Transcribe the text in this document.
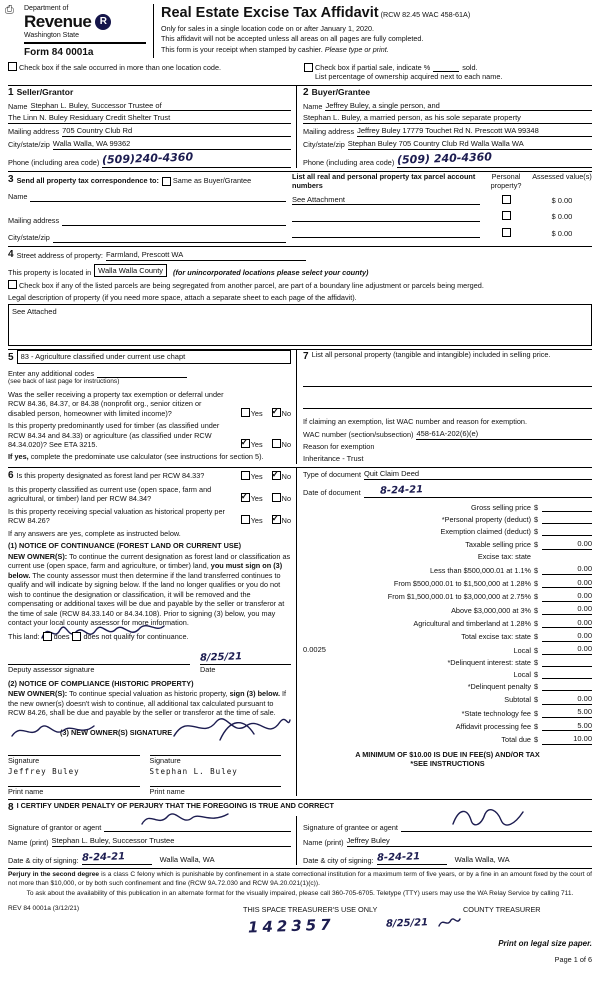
⎙ Department of
Revenue R
Washington State
Form 84 0001a
Real Estate Excise Tax Affidavit (RCW 82.45 WAC 458-61A)
Only for sales in a single location code on or after January 1, 2020.
This affidavit will not be accepted unless all areas on all pages are fully completed.
This form is your receipt when stamped by cashier. Please type or print.
Check box if the sale occurred in more than one location code.	Check box if partial sale, indicate %	sold.
List percentage of ownership acquired next to each name.
1 Seller/Grantor
Name Stephan L. Buley, Successor Trustee of
The Linn N. Buley Residuary Credit Shelter Trust
Mailing address 705 Country Club Rd
City/state/zip Walla Walla, WA 99362
Phone (including area code) (509)240-4360
2 Buyer/Grantee
Name Jeffrey Buley, a single person, and
Stephan L. Buley, a married person, as his sole separate property
Mailing address Jeffrey Buley 17779 Touchet Rd N. Prescott WA 99348
City/state/zip Stephan Buley 705 Country Club Rd Walla Walla WA
Phone (including area code) (509) 240-4360
3 Send all property tax correspondence to: Same as Buyer/Grantee
Name
Mailing address
City/state/zip
List all real and personal property tax parcel account numbers
Personal property?
Assessed value(s)
See Attachment	$ 0.00
$ 0.00
$ 0.00
4 Street address of property: Farmland, Prescott WA
This property is located in Walla Walla County	(for unincorporated locations please select your county)
Check box if any of the listed parcels are being segregated from another parcel, are part of a boundary line adjustment or parcels being merged.
Legal description of property (if you need more space, attach a separate sheet to each page of the affidavit).
See Attached
5 83 - Agriculture classified under current use chapt
Enter any additional codes
(see back of last page for instructions)
Was the seller receiving a property tax exemption or deferral under RCW 84.36, 84.37, or 84.38 (nonprofit org., senior citizen or disabled person, homeowner with limited income)?	Yes ✓	No
Is this property predominantly used for timber (as classified under RCW 84.34 and 84.33) or agriculture (as classified under RCW 84.34.020)? See ETA 3215. ✓	Yes	No
If yes, complete the predominate use calculator (see instructions for section 5).
7 List all personal property (tangible and intangible) included in selling price.
If claiming an exemption, list WAC number and reason for exemption.
WAC number (section/subsection) 458-61A-202(6)(e)
Reason for exemption
Inheritance - Trust
6 Is this property designated as forest land per RCW 84.33?	Yes ✓	No
Is this property classified as current use (open space, farm and agricultural, or timber) land per RCW 84.34? ✓	Yes	No
Is this property receiving special valuation as historical property per RCW 84.26?	Yes ✓	No
If any answers are yes, complete as instructed below.
(1) NOTICE OF CONTINUANCE (FOREST LAND OR CURRENT USE)
NEW OWNER(S): To continue the current designation as forest land or classification as current use (open space, farm and agriculture, or timber) land, you must sign on (3) below. The county assessor must then determine if the land transferred continues to qualify and will indicate by signing below. If the land no longer qualifies or you do not wish to continue the designation or classification, it will be removed and the compensating or additional taxes will be due and payable by the seller or transferor at the time of sale (RCW 84.33.140 or 84.34.108). Prior to signing (3) below, you may contact your local county assessor for more information.
This land: does does not qualify for continuance.
8/25/21
Deputy assessor signature	Date
(2) NOTICE OF COMPLIANCE (HISTORIC PROPERTY)
NEW OWNER(S): To continue special valuation as historic property, sign (3) below. If the new owner(s) doesn't wish to continue, all additional tax calculated pursuant to RCW 84.26, shall be due and payable by the seller or transferor at the time of sale.
(3) NEW OWNER(S) SIGNATURE
Signature
Jeffrey Buley
Print name
Signature
Stephan L. Buley
Print name
Type of document Quit Claim Deed
Date of document	8-24-21
Gross selling price $
*Personal property (deduct) $
Exemption claimed (deduct) $
Taxable selling price $	0.00
Excise tax: state
Less than $500,000.01 at 1.1% $	0.00
From $500,000.01 to $1,500,000 at 1.28% $	0.00
From $1,500,000.01 to $3,000,000 at 2.75% $	0.00
Above $3,000,000 at 3% $	0.00
Agricultural and timberland at 1.28% $	0.00
Total excise tax: state $	0.00
0.0025	Local $	0.00
*Delinquent interest: state $
Local $
*Delinquent penalty $
Subtotal $	0.00
*State technology fee $	5.00
Affidavit processing fee $	5.00
Total due $	10.00
A MINIMUM OF $10.00 IS DUE IN FEE(S) AND/OR TAX
*SEE INSTRUCTIONS
8 I CERTIFY UNDER PENALTY OF PERJURY THAT THE FOREGOING IS TRUE AND CORRECT
Signature of grantor or agent
Name (print) Stephan L. Buley, Successor Trustee
Date & city of signing: 8-24-21	Walla Walla, WA
Signature of grantee or agent
Name (print) Jeffrey Buley
Date & city of signing: 8-24-21	Walla Walla, WA
Perjury in the second degree is a class C felony which is punishable by confinement in a state correctional institution for a maximum term of five years, or by a fine in an amount fixed by the court of not more than $10,000, or by both such confinement and fine (RCW 9A.72.030 and RCW 9A.20.021(1)(c)).
To ask about the availability of this publication in an alternate format for the visually impaired, please call 360-705-6705. Teletype (TTY) users may use the WA Relay Service by calling 711.
REV 84 0001a (3/12/21)	THIS SPACE TREASURER'S USE ONLY	COUNTY TREASURER
142357	8/25/21
Print on legal size paper.
Page 1 of 6
